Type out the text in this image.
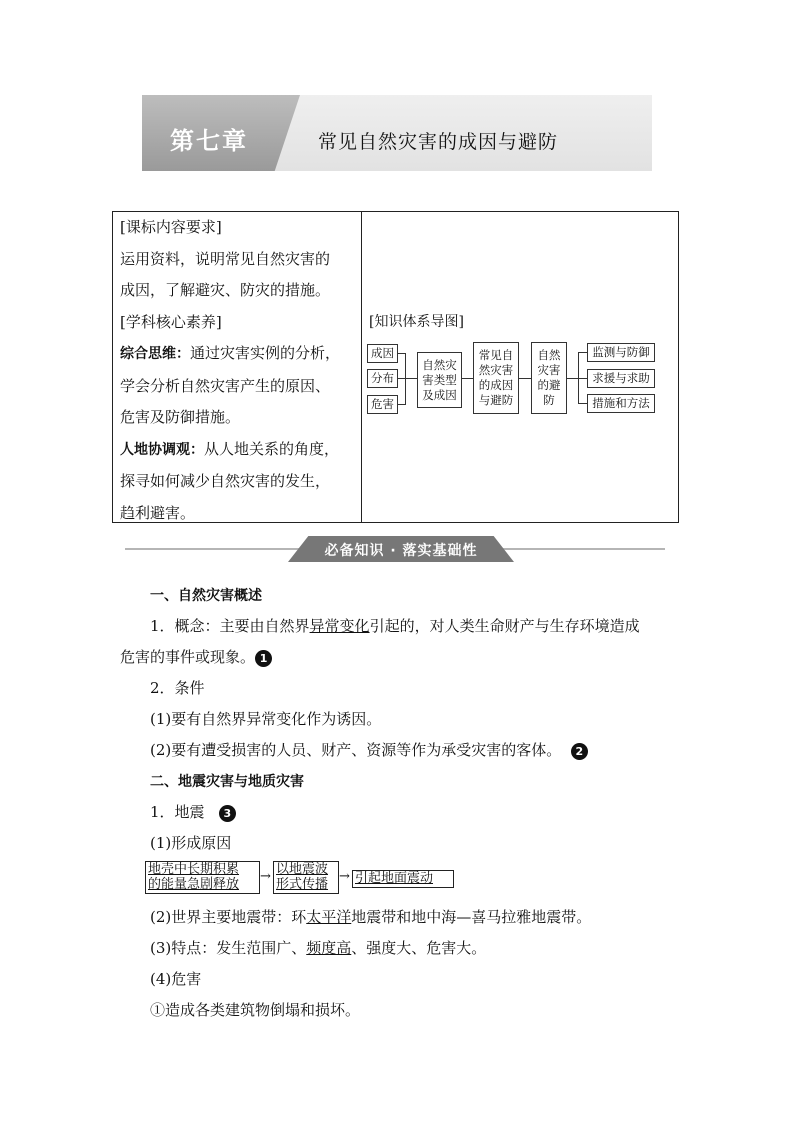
第七章	常见自然灾害的成因与避防
[课标内容要求]
运用资料，说明常见自然灾害的
成因，了解避灾、防灾的措施。
[学科核心素养]
综合思维：通过灾害实例的分析，
学会分析自然灾害产生的原因、
危害及防御措施。
人地协调观：从人地关系的角度，
探寻如何减少自然灾害的发生，
趋利避害。
[知识体系导图]
成因
分布
危害
自然灾
害类型
及成因
常见自
然灾害
的成因
与避防
自然
灾害
的避
防
监测与防御
求援与求助
措施和方法
必备知识 · 落实基础性
一、自然灾害概述
1．概念：主要由自然界异常变化引起的，对人类生命财产与生存环境造成
危害的事件或现象。 1
2．条件
(1)要有自然界异常变化作为诱因。
(2)要有遭受损害的人员、财产、资源等作为承受灾害的客体。 2
二、地震灾害与地质灾害
1．地震 3
(1)形成原因
地壳中长期积累
的能量急剧释放
→ 以地震波
形式传播
→ 引起地面震动
(2)世界主要地震带：环太平洋地震带和地中海—喜马拉雅地震带。
(3)特点：发生范围广、频度高、强度大、危害大。
(4)危害
①造成各类建筑物倒塌和损坏。
